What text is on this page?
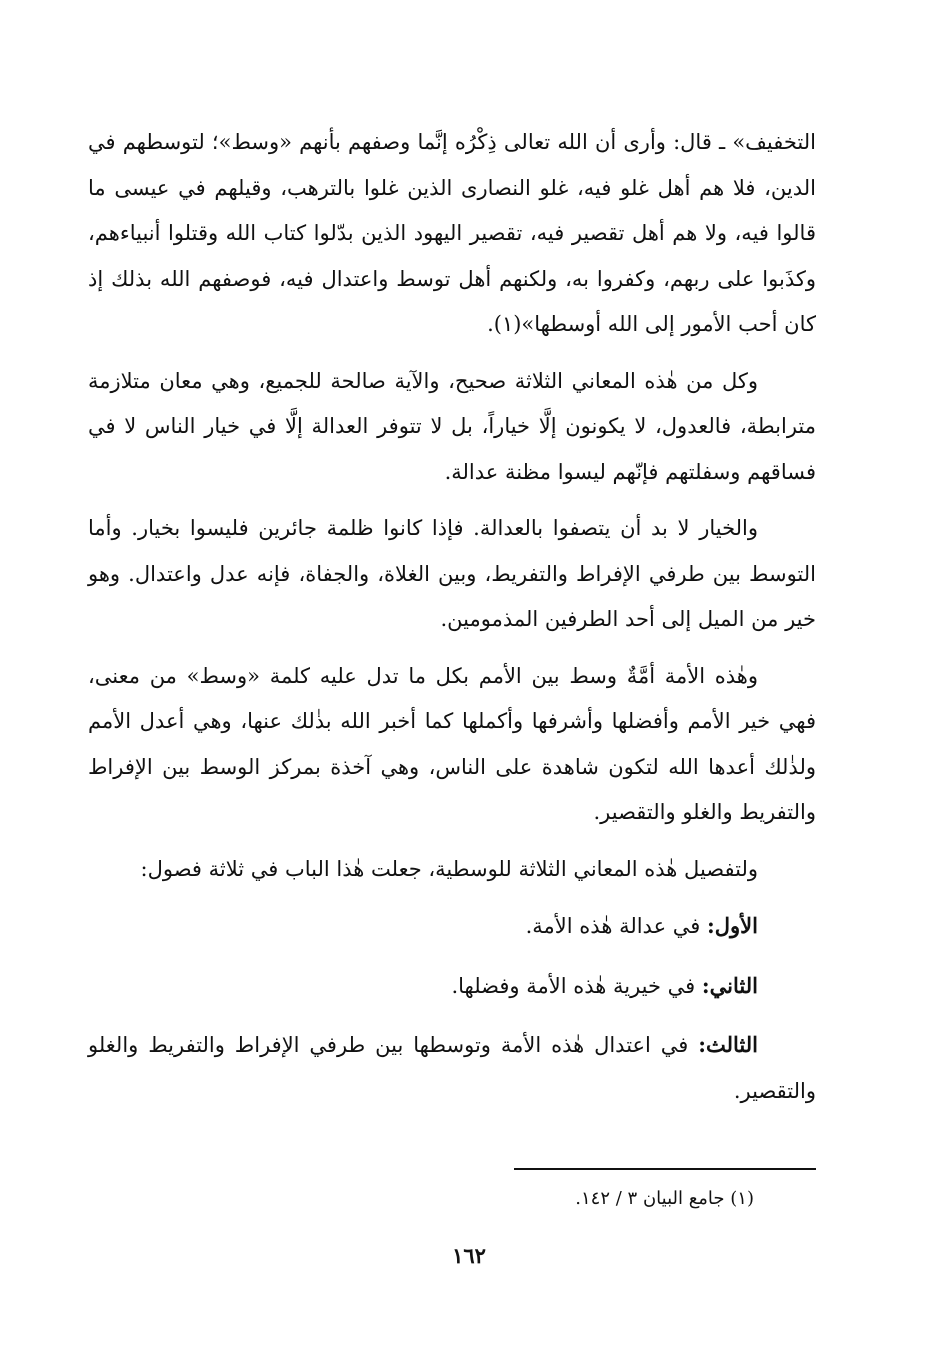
التخفيف» ـ قال: وأرى أن الله تعالى ذِكْرُه إنَّما وصفهم بأنهم «وسط»؛ لتوسطهم في الدين، فلا هم أهل غلو فيه، غلو النصارى الذين غلوا بالترهب، وقيلهم في عيسى ما قالوا فيه، ولا هم أهل تقصير فيه، تقصير اليهود الذين بدّلوا كتاب الله وقتلوا أنبياءهم، وكذَبوا على ربهم، وكفروا به، ولكنهم أهل توسط واعتدال فيه، فوصفهم الله بذلك إذ كان أحب الأمور إلى الله أوسطها»(١).

وكل من هٰذه المعاني الثلاثة صحيح، والآية صالحة للجميع، وهي معان متلازمة مترابطة، فالعدول، لا يكونون إلَّا خياراً، بل لا تتوفر العدالة إلَّا في خيار الناس لا في فساقهم وسفلتهم فإنّهم ليسوا مظنة عدالة.

والخيار لا بد أن يتصفوا بالعدالة. فإذا كانوا ظلمة جائرين فليسوا بخيار. وأما التوسط بين طرفي الإفراط والتفريط، وبين الغلاة، والجفاة، فإنه عدل واعتدال. وهو خير من الميل إلى أحد الطرفين المذمومين.

وهٰذه الأمة أمَّةٌ وسط بين الأمم بكل ما تدل عليه كلمة «وسط» من معنى، فهي خير الأمم وأفضلها وأشرفها وأكملها كما أخبر الله بذٰلك عنها، وهي أعدل الأمم ولذٰلك أعدها الله لتكون شاهدة على الناس، وهي آخذة بمركز الوسط بين الإفراط والتفريط والغلو والتقصير.

ولتفصيل هٰذه المعاني الثلاثة للوسطية، جعلت هٰذا الباب في ثلاثة فصول:

الأول: في عدالة هٰذه الأمة.

الثاني: في خيرية هٰذه الأمة وفضلها.

الثالث: في اعتدال هٰذه الأمة وتوسطها بين طرفي الإفراط والتفريط والغلو والتقصير.

(١) جامع البيان ٣ / ١٤٢.
١٦٢
